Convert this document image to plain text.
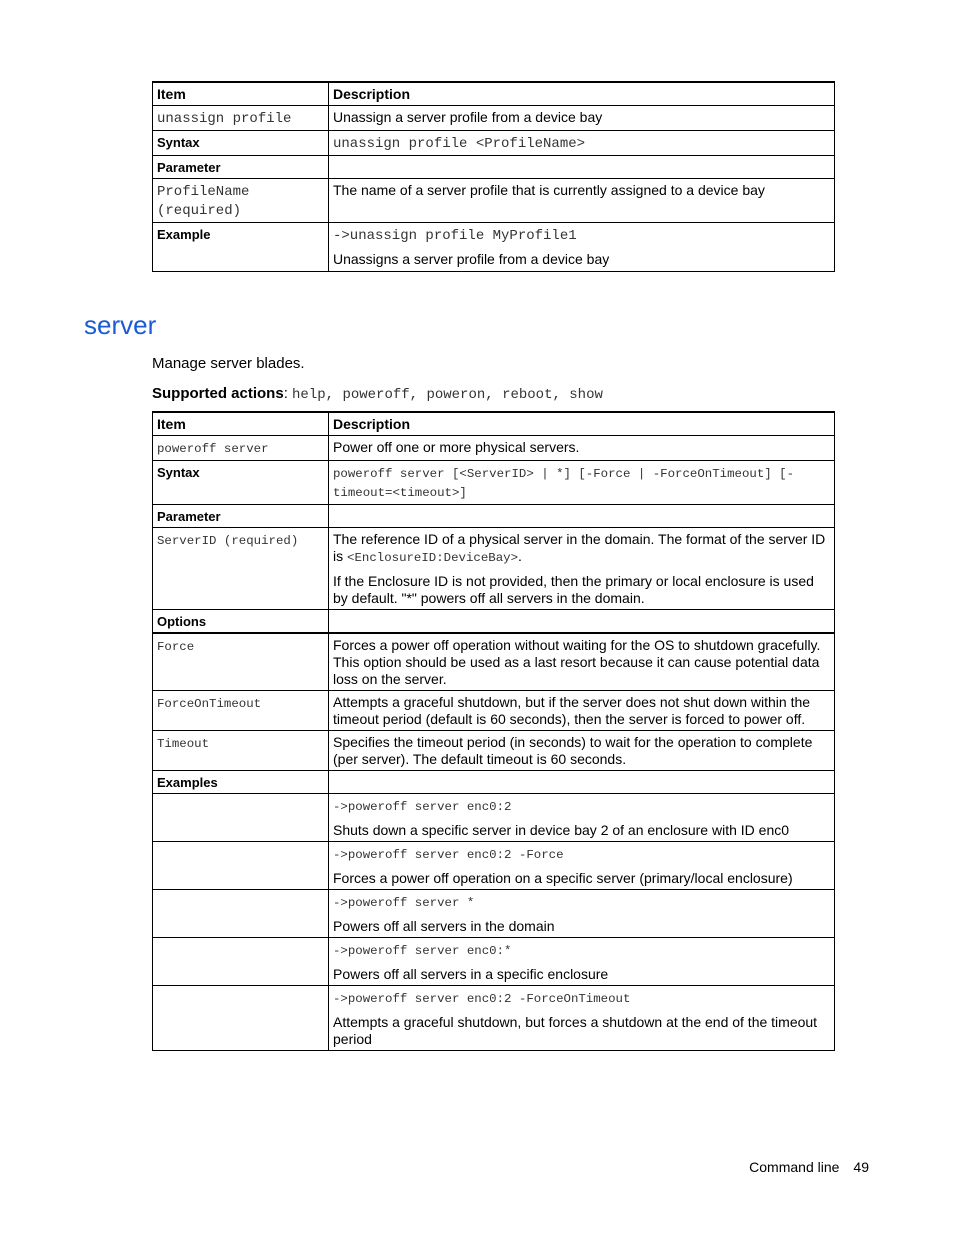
Item	Description
unassign profile	Unassign a server profile from a device bay
Syntax	unassign profile <ProfileName>
Parameter	
ProfileName (required)	The name of a server profile that is currently assigned to a device bay
Example	->unassign profile MyProfile1

Unassigns a server profile from a device bay

server

Manage server blades.

Supported actions: help, poweroff, poweron, reboot, show

Item	Description
poweroff server	Power off one or more physical servers.
Syntax	poweroff server [<ServerID> | *] [-Force | -ForceOnTimeout] [-timeout=<timeout>]
Parameter	
ServerID (required)	The reference ID of a physical server in the domain. The format of the server ID is <EnclosureID:DeviceBay>.

If the Enclosure ID is not provided, then the primary or local enclosure is used by default. "*" powers off all servers in the domain.

Options	
Force	Forces a power off operation without waiting for the OS to shutdown gracefully. This option should be used as a last resort because it can cause potential data loss on the server.
ForceOnTimeout	Attempts a graceful shutdown, but if the server does not shut down within the timeout period (default is 60 seconds), then the server is forced to power off.
Timeout	Specifies the timeout period (in seconds) to wait for the operation to complete (per server). The default timeout is 60 seconds.
Examples	

	->poweroff server enc0:2

Shuts down a specific server in device bay 2 of an enclosure with ID enc0

	->poweroff server enc0:2 -Force

Forces a power off operation on a specific server (primary/local enclosure)

	->poweroff server *

Powers off all servers in the domain

	->poweroff server enc0:*

Powers off all servers in a specific enclosure

	->poweroff server enc0:2 -ForceOnTimeout

Attempts a graceful shutdown, but forces a shutdown at the end of the timeout period

Command line 49
